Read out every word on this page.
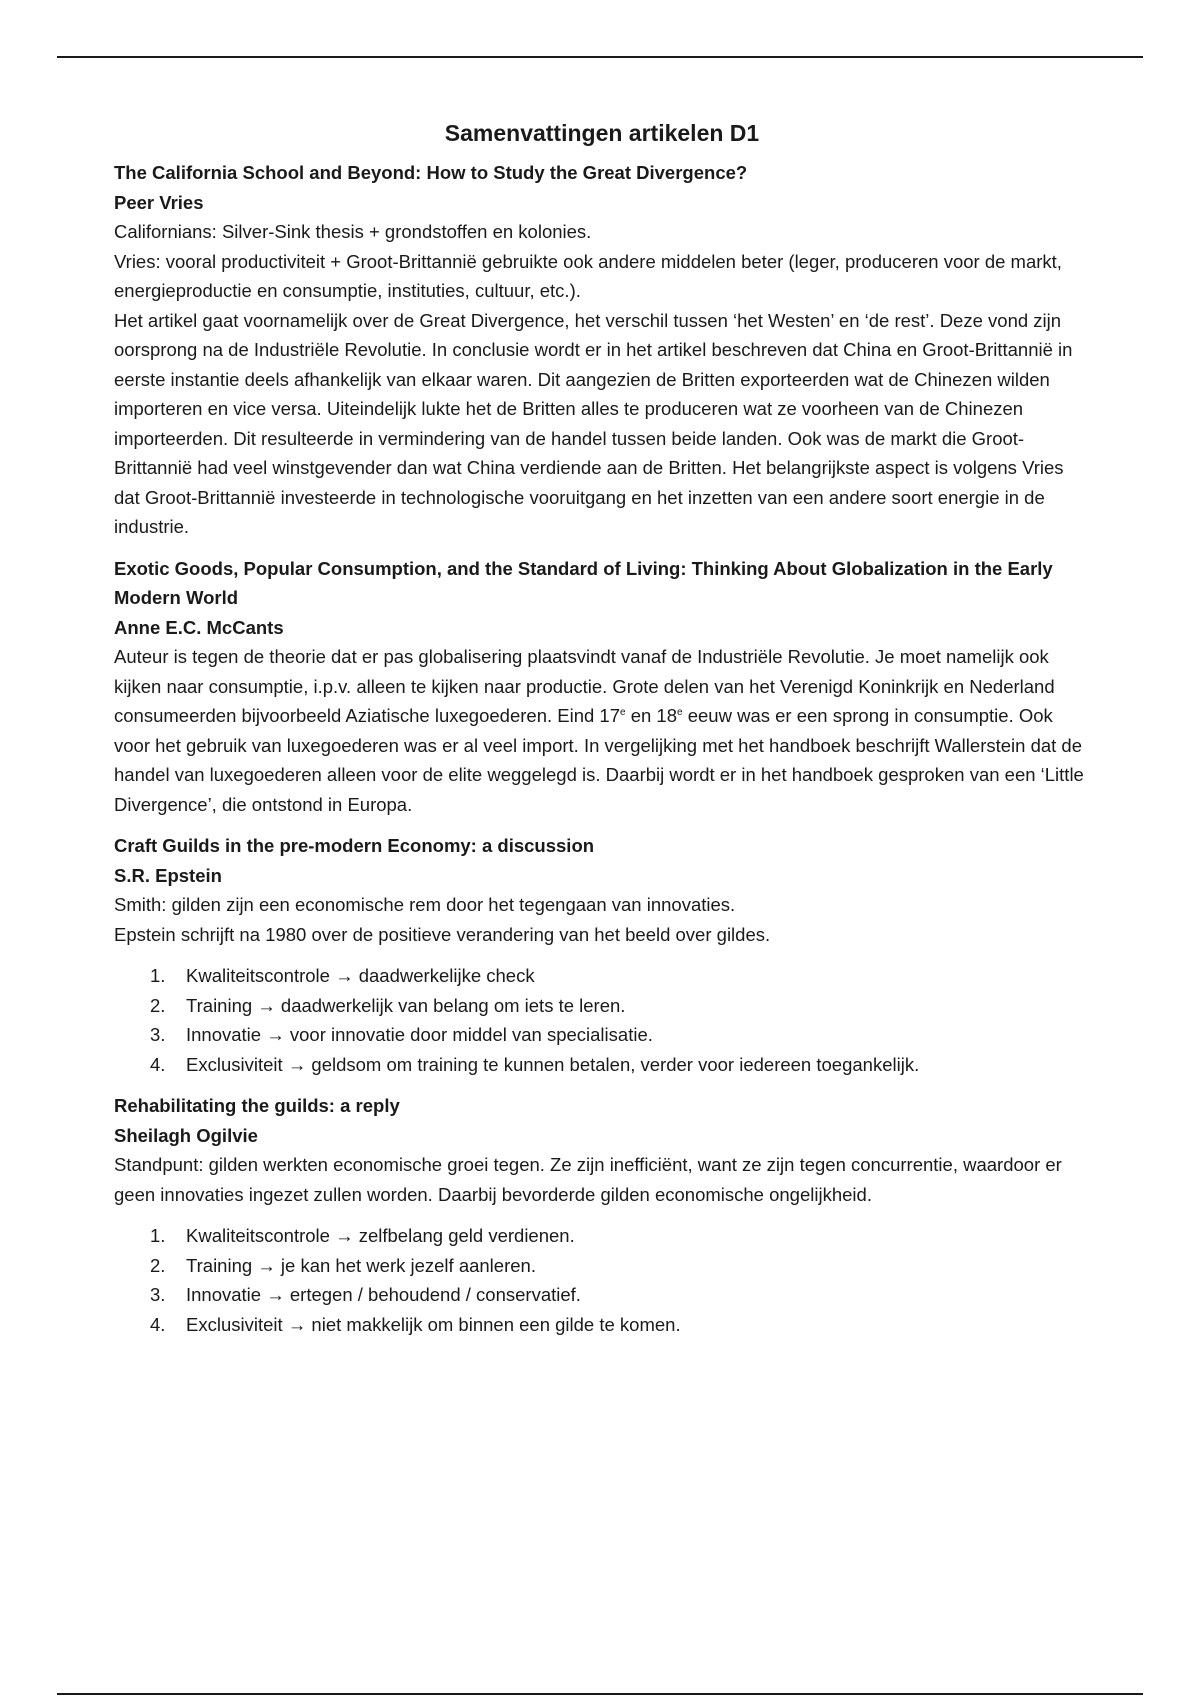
Samenvattingen artikelen D1

The California School and Beyond: How to Study the Great Divergence?

Peer Vries

Californians: Silver-Sink thesis + grondstoffen en kolonies.

Vries: vooral productiviteit + Groot-Brittannië gebruikte ook andere middelen beter (leger, produceren voor de markt, energieproductie en consumptie, instituties, cultuur, etc.).

Het artikel gaat voornamelijk over de Great Divergence, het verschil tussen ‘het Westen’ en ‘de rest’. Deze vond zijn oorsprong na de Industriële Revolutie. In conclusie wordt er in het artikel beschreven dat China en Groot-Brittannië in eerste instantie deels afhankelijk van elkaar waren. Dit aangezien de Britten exporteerden wat de Chinezen wilden importeren en vice versa. Uiteindelijk lukte het de Britten alles te produceren wat ze voorheen van de Chinezen importeerden. Dit resulteerde in vermindering van de handel tussen beide landen. Ook was de markt die Groot-Brittannië had veel winstgevender dan wat China verdiende aan de Britten. Het belangrijkste aspect is volgens Vries dat Groot-Brittannië investeerde in technologische vooruitgang en het inzetten van een andere soort energie in de industrie.

Exotic Goods, Popular Consumption, and the Standard of Living: Thinking About Globalization in the Early Modern World

Anne E.C. McCants

Auteur is tegen de theorie dat er pas globalisering plaatsvindt vanaf de Industriële Revolutie. Je moet namelijk ook kijken naar consumptie, i.p.v. alleen te kijken naar productie. Grote delen van het Verenigd Koninkrijk en Nederland consumeerden bijvoorbeeld Aziatische luxegoederen. Eind 17e en 18e eeuw was er een sprong in consumptie. Ook voor het gebruik van luxegoederen was er al veel import. In vergelijking met het handboek beschrijft Wallerstein dat de handel van luxegoederen alleen voor de elite weggelegd is. Daarbij wordt er in het handboek gesproken van een ‘Little Divergence’, die ontstond in Europa.

Craft Guilds in the pre-modern Economy: a discussion

S.R. Epstein

Smith: gilden zijn een economische rem door het tegengaan van innovaties.

Epstein schrijft na 1980 over de positieve verandering van het beeld over gildes.

1. Kwaliteitscontrole → daadwerkelijke check
2. Training → daadwerkelijk van belang om iets te leren.
3. Innovatie → voor innovatie door middel van specialisatie.
4. Exclusiviteit → geldsom om training te kunnen betalen, verder voor iedereen toegankelijk.

Rehabilitating the guilds: a reply

Sheilagh Ogilvie

Standpunt: gilden werkten economische groei tegen. Ze zijn inefficiënt, want ze zijn tegen concurrentie, waardoor er geen innovaties ingezet zullen worden. Daarbij bevorderde gilden economische ongelijkheid.

1. Kwaliteitscontrole → zelfbelang geld verdienen.
2. Training → je kan het werk jezelf aanleren.
3. Innovatie → ertegen / behoudend / conservatief.
4. Exclusiviteit → niet makkelijk om binnen een gilde te komen.
